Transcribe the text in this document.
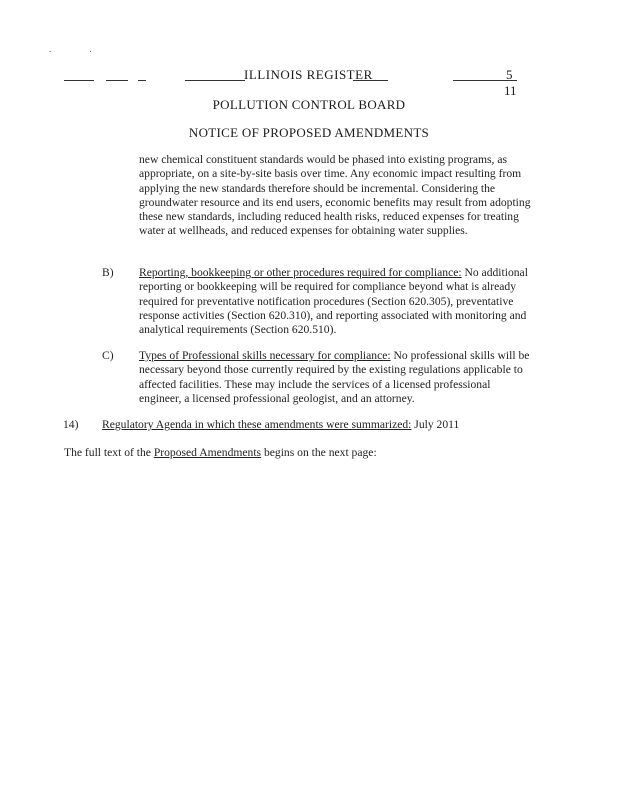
. .
ILLINOIS REGISTER	5
11
POLLUTION CONTROL BOARD
NOTICE OF PROPOSED AMENDMENTS
new chemical constituent standards would be phased into existing programs, as appropriate, on a site-by-site basis over time. Any economic impact resulting from applying the new standards therefore should be incremental. Considering the groundwater resource and its end users, economic benefits may result from adopting these new standards, including reduced health risks, reduced expenses for treating water at wellheads, and reduced expenses for obtaining water supplies.
B) Reporting, bookkeeping or other procedures required for compliance: No additional reporting or bookkeeping will be required for compliance beyond what is already required for preventative notification procedures (Section 620.305), preventative response activities (Section 620.310), and reporting associated with monitoring and analytical requirements (Section 620.510).
C) Types of Professional skills necessary for compliance: No professional skills will be necessary beyond those currently required by the existing regulations applicable to affected facilities. These may include the services of a licensed professional engineer, a licensed professional geologist, and an attorney.
14) Regulatory Agenda in which these amendments were summarized: July 2011
The full text of the Proposed Amendments begins on the next page:
